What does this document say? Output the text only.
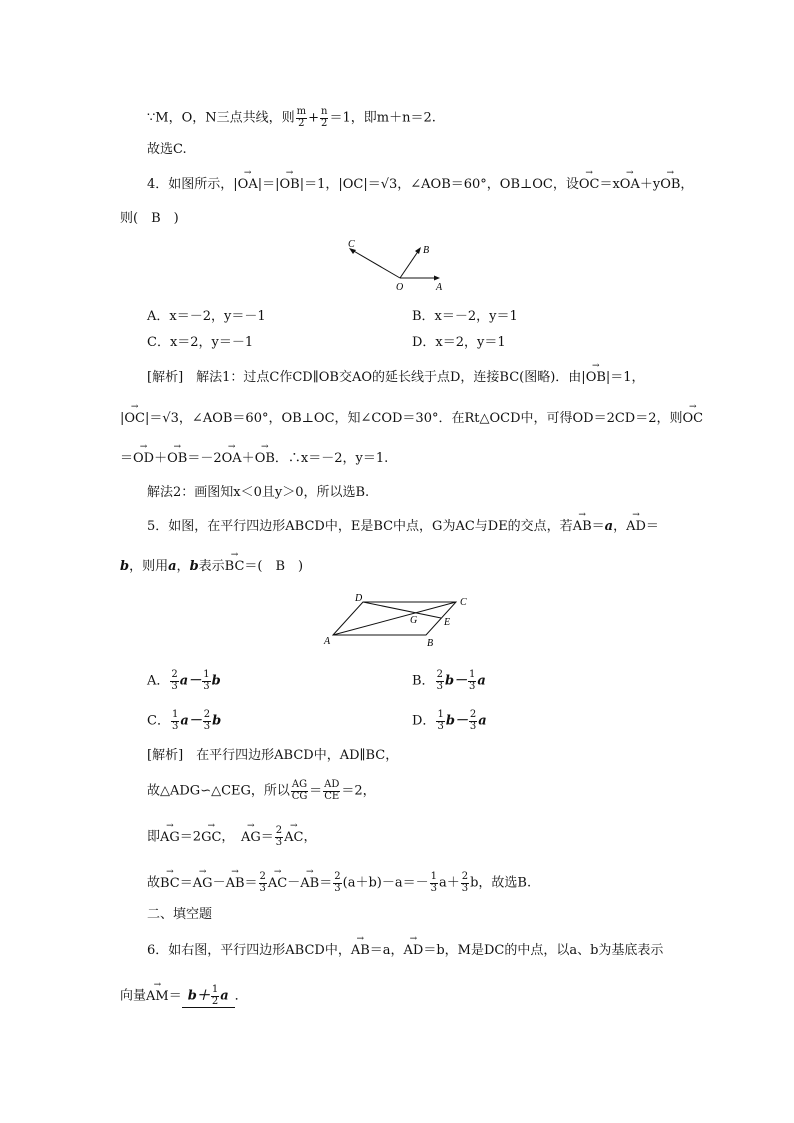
∵M，O，N三点共线，则 $\frac{m}{2} + \frac{n}{2} =1$，即m＋n＝2.
故选C.
4．如图所示，|→ OA|＝|→ OB|＝1，|OC|＝√3，∠AOB＝60°，OB⊥OC，设→ OC＝x→ OA＋y→ OB，
则(　B　)
C
B
O	A
A．x＝－2，y＝－1	B．x＝－2，y＝1
C．x＝2，y＝－1	D．x＝2，y＝1
[解析]　解法1：过点C作CD∥OB交AO的延长线于点D，连接BC(图略)．由|→ OB|＝1，
|→ OC|＝√3，∠AOB＝60°，OB⊥OC，知∠COD＝30°．在Rt△OCD中，可得OD＝2CD＝2，则→ OC
＝→ OD＋→ OB＝－2→ OA＋→ OB．∴x＝－2，y＝1.
解法2：画图知x＜0且y＞0，所以选B.
5．如图，在平行四边形ABCD中，E是BC中点，G为AC与DE的交点，若→ AB＝a，→ AD＝
b，则用a，b表示→ BC＝(　B　)
D	C
G	E
A	B
A． $\frac{2}{3} a- \frac{1}{3}$ b	B． $\frac{2}{3} b- \frac{1}{3}$ a
C． $\frac{1}{3} a- \frac{2}{3}$ b	D． $\frac{1}{3} b- \frac{2}{3}$ a
[解析]　在平行四边形ABCD中，AD∥BC，
故△ADG∽△CEG，所以 $\frac{AG}{CG} = \frac{AD}{CE} =2$，
即→ AG＝2→ GC，　→ $AG= \frac{2}{3}$
→ AC，
故→ $BC=\to AG-\to AB= \frac{2}{3}$
→ $AC-\to AB= \frac{2}{3} (a+b)-a=- \frac{1}{3} a+ \frac{2}{3}$ b，故选B.
二、填空题
6．如右图，平行四边形ABCD中，→ AB＝a，→ AD＝b，M是DC的中点，以a、b为基底表示
向量→ $AM= b+ \frac{1}{2}$ a ．
